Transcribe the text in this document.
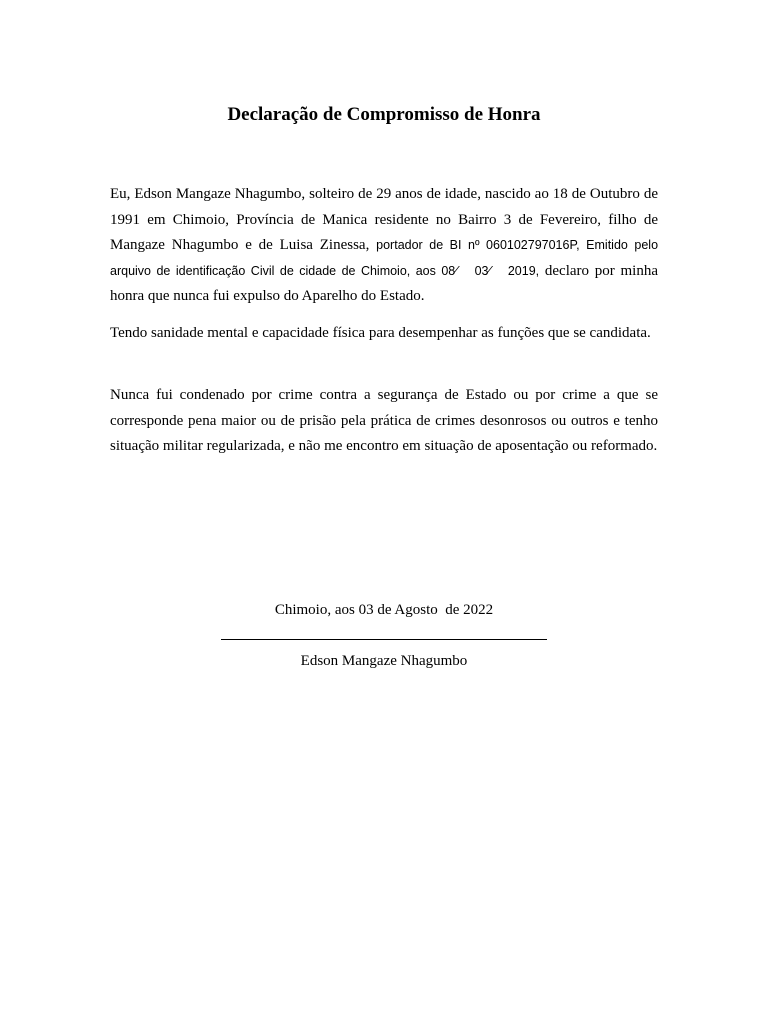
Declaração de Compromisso de Honra

Eu, Edson Mangaze Nhagumbo, solteiro de 29 anos de idade, nascido ao 18 de Outubro de 1991 em Chimoio, Província de Manica residente no Bairro 3 de Fevereiro, filho de Mangaze Nhagumbo e de Luisa Zinessa, portador de BI nº 060102797016P, Emitido pelo arquivo de identificação Civil de cidade de Chimoio, aos 08⁄ 03⁄ 2019, declaro por minha honra que nunca fui expulso do Aparelho do Estado.

Tendo sanidade mental e capacidade física para desempenhar as funções que se candidata.

Nunca fui condenado por crime contra a segurança de Estado ou por crime a que se corresponde pena maior ou de prisão pela prática de crimes desonrosos ou outros e tenho situação militar regularizada, e não me encontro em situação de aposentação ou reformado.

Chimoio, aos 03 de Agosto  de 2022

Edson Mangaze Nhagumbo
